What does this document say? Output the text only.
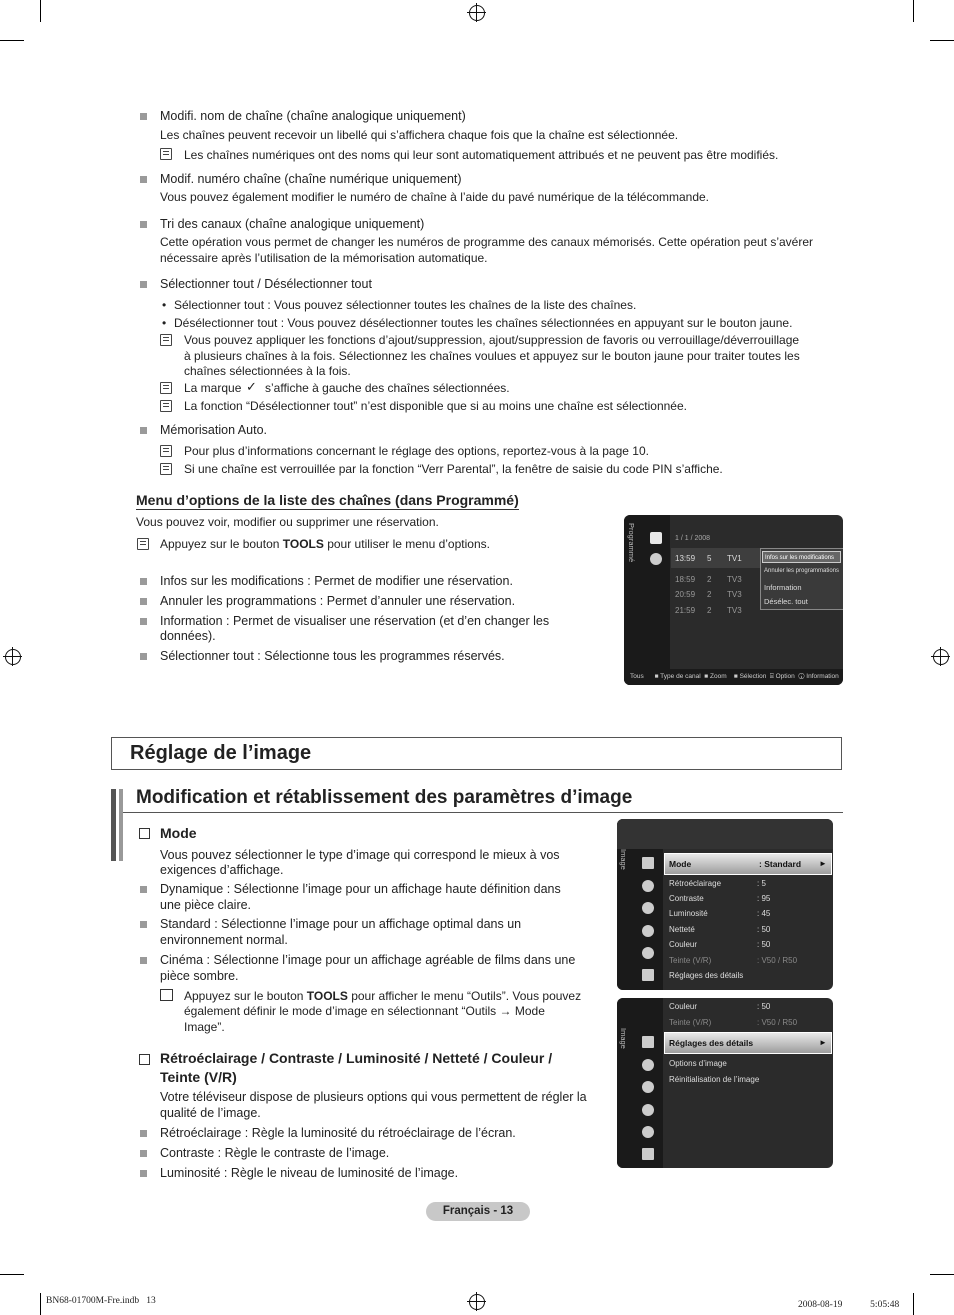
Modifi. nom de chaîne (chaîne analogique uniquement)
Les chaînes peuvent recevoir un libellé qui s’affichera chaque fois que la chaîne est sélectionnée.
Les chaînes numériques ont des noms qui leur sont automatiquement attribués et ne peuvent pas être modifiés.
Modif. numéro chaîne (chaîne numérique uniquement)
Vous pouvez également modifier le numéro de chaîne à l’aide du pavé numérique de la télécommande.
Tri des canaux (chaîne analogique uniquement)
Cette opération vous permet de changer les numéros de programme des canaux mémorisés. Cette opération peut s’avérer
nécessaire après l’utilisation de la mémorisation automatique.
Sélectionner tout / Désélectionner tout
• Sélectionner tout : Vous pouvez sélectionner toutes les chaînes de la liste des chaînes.
• Désélectionner tout : Vous pouvez désélectionner toutes les chaînes sélectionnées en appuyant sur le bouton jaune.
Vous pouvez appliquer les fonctions d’ajout/suppression, ajout/suppression de favoris ou verrouillage/déverrouillage
à plusieurs chaînes à la fois. Sélectionnez les chaînes voulues et appuyez sur le bouton jaune pour traiter toutes les
chaînes sélectionnées à la fois.
La marque ✓ s’affiche à gauche des chaînes sélectionnées.
La fonction “Désélectionner tout” n’est disponible que si au moins une chaîne est sélectionnée.
Mémorisation Auto.
Pour plus d’informations concernant le réglage des options, reportez-vous à la page 10.
Si une chaîne est verrouillée par la fonction “Verr Parental”, la fenêtre de saisie du code PIN s’affiche.
Menu d’options de la liste des chaînes (dans Programmé)
Vous pouvez voir, modifier ou supprimer une réservation.
Appuyez sur le bouton TOOLS pour utiliser le menu d’options.
Infos sur les modifications : Permet de modifier une réservation.
Annuler les programmations : Permet d’annuler une réservation.
Information : Permet de visualiser une réservation (et d’en changer les
données).
Sélectionner tout : Sélectionne tous les programmes réservés.
Programmé	1 / 1 / 2008
13:59 5 TV1
18:59 2 TV3
20:59 2 TV3
21:59 2 TV3
Infos sur les modifications
Annuler les programmations
Information
Désélec. tout
Tous      ■ Type de canal  ■ Zoom    ■ Sélection  ⌸ Option  ⓘ Information
Réglage de l’image
Modification et rétablissement des paramètres d’image
Mode
Vous pouvez sélectionner le type d’image qui correspond le mieux à vos
exigences d’affichage.
Dynamique : Sélectionne l’image pour un affichage haute définition dans
une pièce claire.
Standard : Sélectionne l’image pour un affichage optimal dans un
environnement normal.
Cinéma : Sélectionne l’image pour un affichage agréable de films dans une
pièce sombre.
Appuyez sur le bouton TOOLS pour afficher le menu “Outils”. Vous pouvez
également définir le mode d’image en sélectionnant “Outils → Mode
Image”.
Rétroéclairage / Contraste / Luminosité / Netteté / Couleur /
Teinte (V/R)
Votre téléviseur dispose de plusieurs options qui vous permettent de régler la
qualité de l’image.
Rétroéclairage : Règle la luminosité du rétroéclairage de l’écran.
Contraste : Règle le contraste de l’image.
Luminosité : Règle le niveau de luminosité de l’image.
Image	Mode	: Standard ►
Rétroéclairage	: 5
Contraste	: 95
Luminosité	: 45
Netteté	: 50
Couleur	: 50
Teinte (V/R)	: V50 / R50
Réglages des détails
Image
Couleur	: 50
Teinte (V/R)	: V50 / R50
Réglages des détails	►
Options d’image
Réinitialisation de l’image
Français - 13
BN68-01700M-Fre.indb   13	2008-08-19   ㅤㅤ 5:05:48
